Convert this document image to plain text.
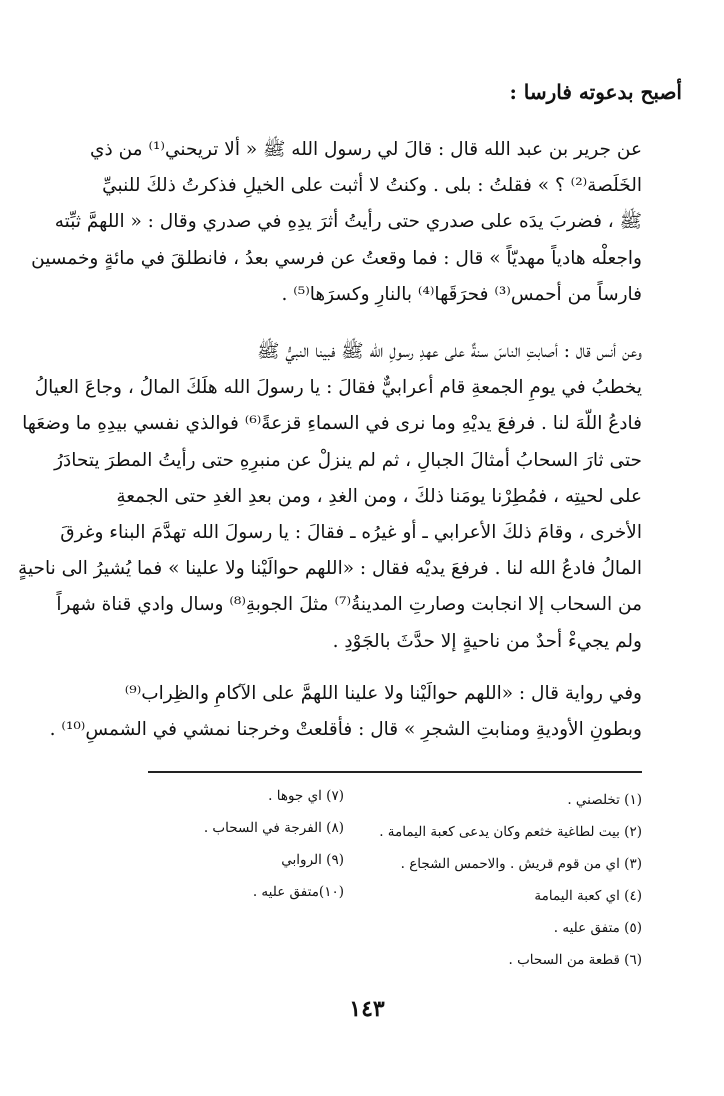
أصبح بدعوته فارسا :
عن جرير بن عبد الله قال : قالَ لي رسول الله ﷺ « ألا تريحني⁽¹⁾ من ذي
الخَلَصة⁽²⁾ ؟ » فقلتُ : بلى . وكنتُ لا أثبت على الخيلِ فذكرتُ ذلكَ للنبيِّ
ﷺ ، فضربَ يدَه على صدري حتى رأيتُ أثرَ يدِهِ في صدري وقال : « اللهمَّ ثبِّته
واجعلْه هادياً مهديّاً » قال : فما وقعتُ عن فرسي بعدُ ، فانطلقَ في مائةٍ وخمسين
فارساً من أحمس⁽³⁾ فحرَقَها⁽⁴⁾ بالنارِ وكسرَها⁽⁵⁾ .
وعن أنس قال : أصابتِ الناسَ سنةٌ على عهدِ رسولِ الله ﷺ فبينا النبيُّ ﷺ
يخطبُ في يومِ الجمعةِ قام أعرابيٌّ فقالَ : يا رسولَ الله هلَكَ المالُ ، وجاعَ العيالُ
فادعُ اللّهَ لنا . فرفعَ يديْهِ وما نرى في السماءِ قزعةً⁽⁶⁾ فوالذي نفسي بيدِهِ ما وضعَها
حتى ثارَ السحابُ أمثالَ الجبالِ ، ثم لم ينزلْ عن منبرِهِ حتى رأيتُ المطرَ يتحادَرُ
على لحيتِه ، فمُطِرْنا يومَنا ذلكَ ، ومن الغدِ ، ومن بعدِ الغدِ حتى الجمعةِ
الأخرى ، وقامَ ذلكَ الأعرابي ـ أو غيرُه ـ فقالَ : يا رسولَ الله تهدَّمَ البناء وغرقَ
المالُ فادعُ الله لنا . فرفعَ يديْه فقال : «اللهم حوالَيْنا ولا علينا » فما يُشيرُ الى ناحيةٍ
من السحاب إلا انجابت وصارتِ المدينةُ⁽⁷⁾ مثلَ الجوبةِ⁽⁸⁾ وسال وادي قناة شهراً
ولم يجيءْ أحدٌ من ناحيةٍ إلا حدَّثَ بالجَوْدِ .
وفي رواية قال : «اللهم حوالَيْنا ولا علينا اللهمَّ على الآكامِ والظِراب⁽⁹⁾
وبطونِ الأوديةِ ومنابتِ الشجرِ » قال : فأقلعتْ وخرجنا نمشي في الشمسِ⁽¹⁰⁾ .
(١) تخلصني .
(٢) بيت لطاغية خثعم وكان يدعى كعبة اليمامة .
(٣) اي من قوم قريش . والاحمس الشجاع .
(٤) اي كعبة اليمامة
(٥) متفق عليه .
(٦) قطعة من السحاب .
(٧) اي جوها .
(٨) الفرجة في السحاب .
(٩) الروابي
(١٠)متفق عليه .
١٤٣
